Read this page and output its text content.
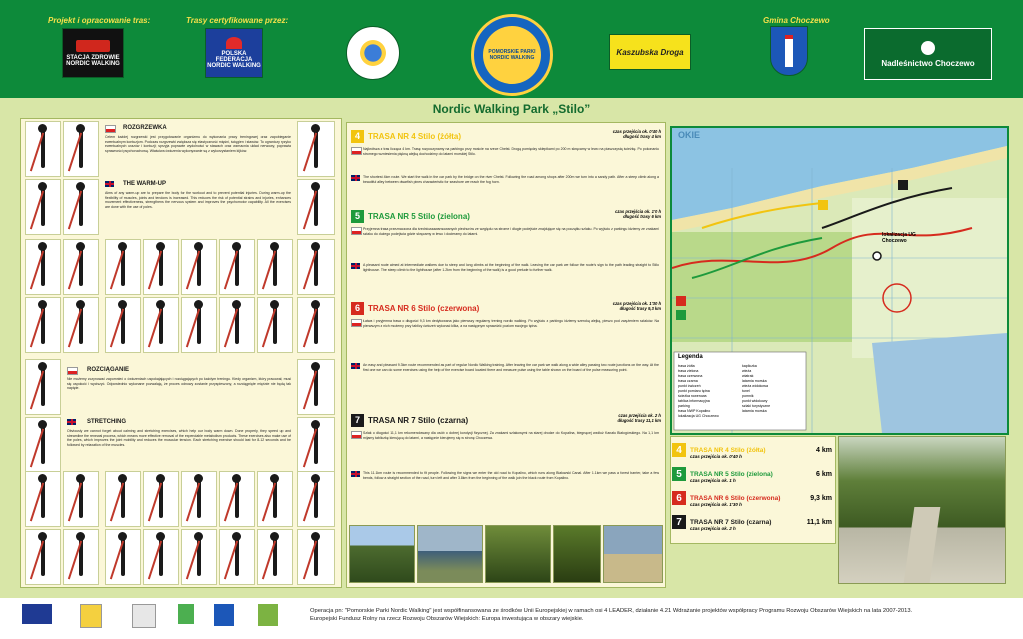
Projekt i opracowanie tras:	Trasy certyfikowane przez:	Gmina Choczewo
STACJA ZDROWIE NORDIC WALKING
POLSKA FEDERACJA NORDIC WALKING
POMORSKIE PARKI NORDIC WALKING
Kaszubska Droga
Nadleśnictwo Choczewo
Nordic Walking Park „Stilo”
ROZGRZEWKA
Celem każdej rozgrzewki jest przygotowanie organizmu do wykonania pracy treningowej oraz zapobieganie ewentualnym kontuzjom. Podczas rozgrzewki zwiększa się elastyczność mięśni, ścięgien i stawów. To ograniczy ryzyko ewentualnych urazów i kontuzji; sprzyja poprawie wydolności w stawach oraz wzmacnia układ nerwowy, poprawia sprawności psychoruchową. Właściwa ćwiczenia wykonywanie są z wykorzystaniem kijków.
THE WARM-UP
Aims of any warm-up are to prepare the body for the workout and to prevent potential injuries. During warm-up the flexibility of muscles, joints and tendons is increased. This reduces the risk of potential strains and injuries, enhances movement effectiveness, strengthens the nervous system and improves the psychomotor capability. All the exercises are done with the use of poles.
ROZCIĄGANIE
Nie możemy zczynować zapomnieć o ćwiczeniach uspokajających i rozciągających po każdym treningu. Kiedy organizm, który pracował, musi się uspokoić i wyciszyć. Odpowiednio wykonane pozwalają, że proces odnowy zostanie przyspieszony, a rozciągnięte mięśnie nie będą tak napięte.
STRETCHING
Obviously we cannot forget about calming and stretching exercises, which help our body warm down. Done properly, they speed up and streamline the renewal process, which means more effective removal of the expendable metabolism products. These exercises also make use of the poles, which improves the joint mobility and reduces the muscular tension. Each stretching exercise should last for 8-12 seconds and be followed by relaxation of the muscles.
4	TRASA NR 4 Stilo (żółta)	czas przejścia ok. 0'40 h
długość trasy 4 km
Najkrótsza z tras licząca 4 km. Trasę rozpoczynamy na parkingu przy moście na rzece Chełst. Drogą pomiędzy sklepikami po 200 m skręcamy w lewo na piaszczystą ścieżkę. Po pokonaniu stromego wzniesienia piękną alejką dochodzimy do latarni morskiej Stilo.
The shortest 4km route. We start the walk in the car park by the bridge on the river Chełst. Following the road among shops after 200m we turn into a sandy path. After a steep climb along a beautiful alley between dwarfish pines characteristic for seashore we reach the fog horn.
5	TRASA NR 5 Stilo (zielona)	czas przejścia ok. 1'0 h
długość trasy 6 km
Przyjemna trasa przeznaczona dla średniozaawansowanych piechurów ze względu na strome i długie podejście znajdujące się na początku szlaku. Po wyjściu z parkingu idziemy ze znakami szlaku do dużego podejścia gdzie skręcamy w lewo i docieramy do latarni.
A pleasant route aimed at intermediate walkers due to steep and long climbs at the beginning of the walk. Leaving the car park we follow the route's sign to the path leading straight to Stilo lighthouse. The steep climb to the lighthouse (after 1.2km from the beginning of the walk) is a good prelude to further walk.
6	TRASA NR 6 Stilo (czerwona)	czas przejścia ok. 1'30 h
długość trasy 9,3 km
Łatwa i przyjemna trasa o długości 9,3 km dedykowana jako pierwszy regularny trening nordic walking. Po wyjściu z parkingu idziemy szeroką alejką, pieszo pod zwężeniem szlaków. Na pierwszym z nich możemy przy tablicy ćwiczeń wykonać kilka, a na następnym sprawdzić poziom swojego tętna.
An easy and pleasant 9.3km route recommended as part of regular Nordic Walking training. After leaving the car park we walk along a wide alley passing two route junctions on the way. At the first one we can do some exercises using the help of the exercise board located there and measure pulse using the table shown on the board of the pulse measuring point.
7	TRASA NR 7 Stilo (czarna)	czas przejścia ok. 2 h
długość trasy 11,1 km
Szlak o długości 11,1 km rekomendowany dla osób o dobrej kondycji fizycznej. Za znakami szlakowymi na starej drodze do Kopalina, biegnącej wzdłuż Kanału Białogórskiego. Na 1,1 km mijamy tabliczkę kierującą do latarni, a następnie kierujemy się w stronę Choczewa.
This 11.1km route is recommended to fit people. Following the signs we enter the old road to Kopalino, which runs along Białowski Canal. After 1.1km we pass a forest barrier, take a few bends, follow a straight section of the road, turn left and after 3.8km from the beginning of the walk join the black route from Kopalino.
lokalizacja UG Choczewo
OKIE
Legenda
trasa żółta
trasa zielona
trasa czerwona
trasa czarna
punkt ćwiczeń
punkt pomiaru tętna
ścieżka rowerowa
tablica informacyjna
parking
trasa NWP Kopalino
lokalizacja UG Choczewo
kapliczka
wieża
wiatrak
latarnia morska
wieża widokowa
tunel
pomnik
punkt widokowy
szlaki turystyczne
latarnia morska
4	TRASA NR 4 Stilo (żółta)	4 km
czas przejścia ok. 0'40 h
5	TRASA NR 5 Stilo (zielona)	6 km
czas przejścia ok. 1 h
6	TRASA NR 6 Stilo (czerwona)	9,3 km
czas przejścia ok. 1'30 h
7	TRASA NR 7 Stilo (czarna)	11,1 km
czas przejścia ok. 2 h
Operacja pn: "Pomorskie Parki Nordic Walking" jest współfinansowana ze środków Unii Europejskiej w ramach osi 4 LEADER, działanie 4.21 Wdrażanie projektów współpracy Programu Rozwoju Obszarów Wiejskich na lata 2007-2013.
Europejski Fundusz Rolny na rzecz Rozwoju Obszarów Wiejskich: Europa inwestująca w obszary wiejskie.
